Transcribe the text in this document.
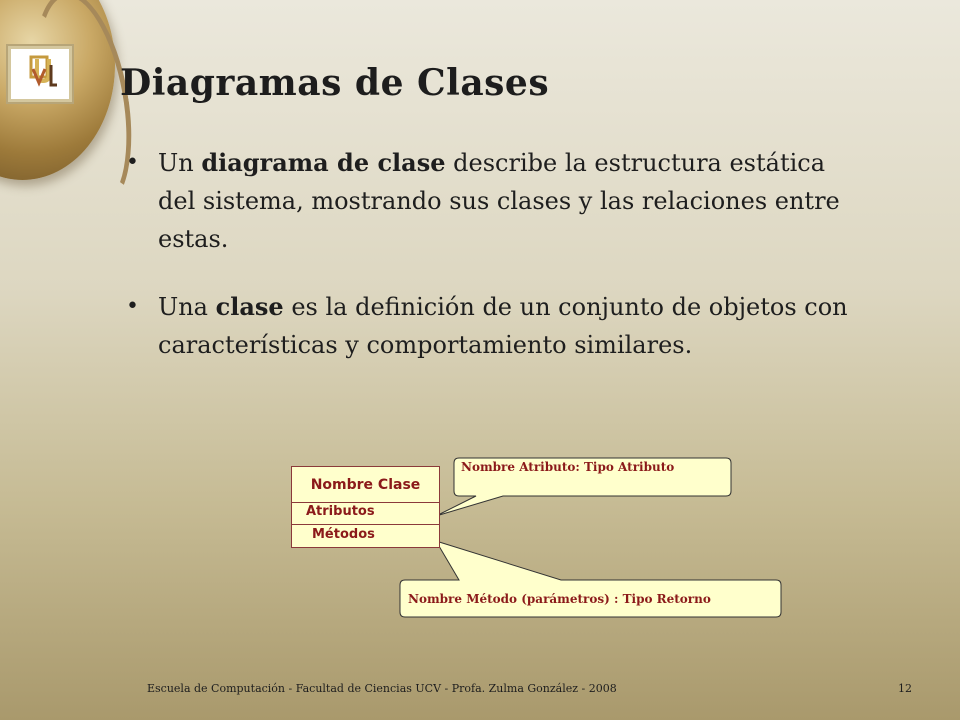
Diagramas de Clases
• Un diagrama de clase describe la estructura estática del sistema, mostrando sus clases y las relaciones entre estas.
• Una clase es la definición de un conjunto de objetos con características y comportamiento similares.
Nombre Atributo: Tipo Atributo
Nombre Método (parámetros) : Tipo Retorno
Nombre Clase
Atributos
Métodos
Escuela de Computación - Facultad de Ciencias UCV - Profa. Zulma González - 2008	12
